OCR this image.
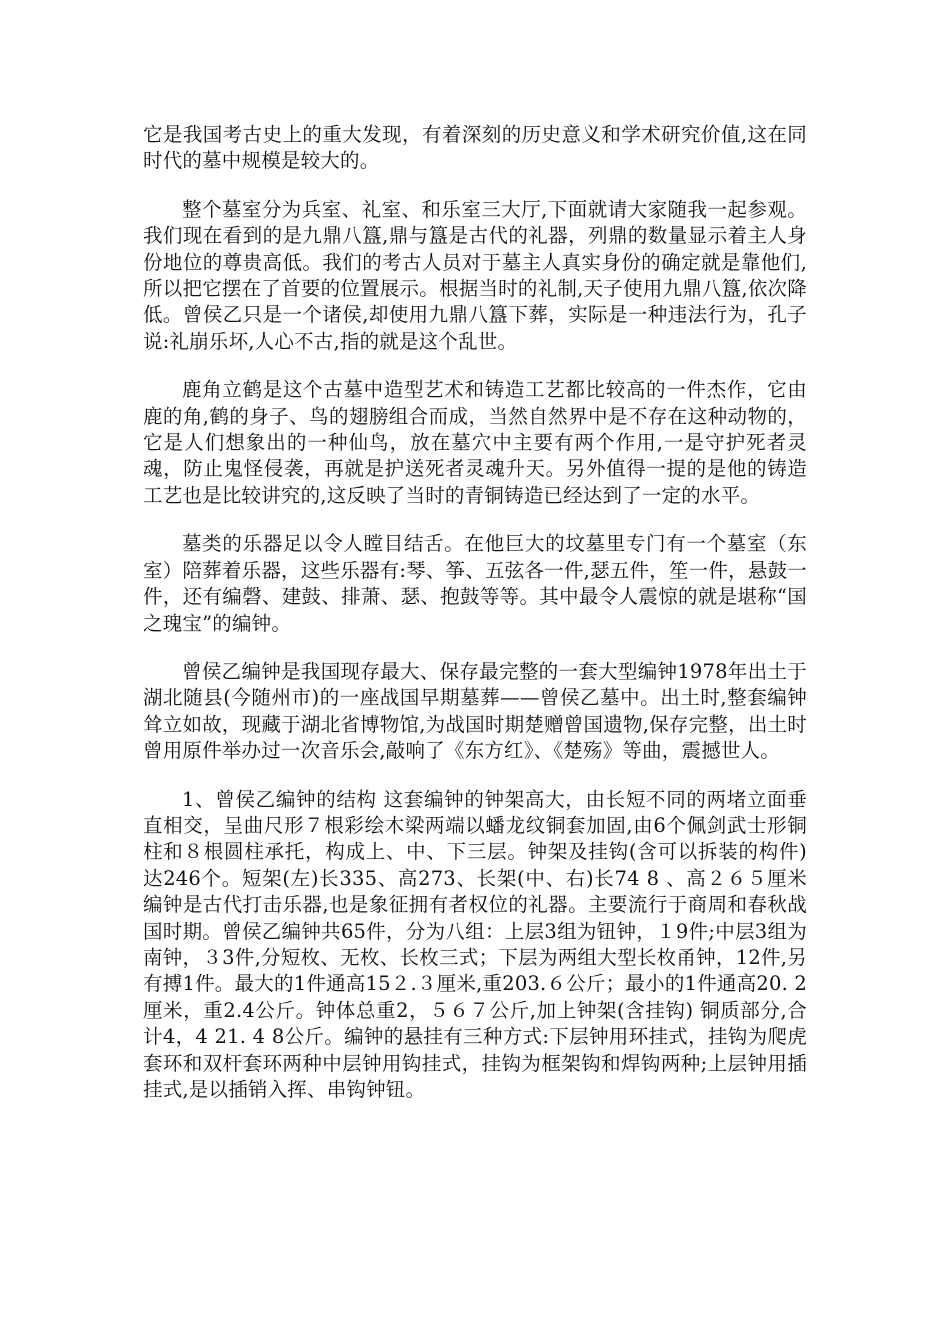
它是我国考古史上的重大发现，有着深刻的历史意义和学术研究价值,这在同时代的墓中规模是较大的。

整个墓室分为兵室、礼室、和乐室三大厅,下面就请大家随我一起参观。我们现在看到的是九鼎八簋,鼎与簋是古代的礼器，列鼎的数量显示着主人身份地位的尊贵高低。我们的考古人员对于墓主人真实身份的确定就是靠他们,所以把它摆在了首要的位置展示。根据当时的礼制,天子使用九鼎八簋,依次降低。曾侯乙只是一个诸侯,却使用九鼎八簋下葬，实际是一种违法行为，孔子说:礼崩乐坏,人心不古,指的就是这个乱世。

鹿角立鹤是这个古墓中造型艺术和铸造工艺都比较高的一件杰作，它由鹿的角,鹤的身子、鸟的翅膀组合而成，当然自然界中是不存在这种动物的，它是人们想象出的一种仙鸟，放在墓穴中主要有两个作用,一是守护死者灵魂，防止鬼怪侵袭，再就是护送死者灵魂升天。另外值得一提的是他的铸造工艺也是比较讲究的,这反映了当时的青铜铸造已经达到了一定的水平。

墓类的乐器足以令人瞠目结舌。在他巨大的坟墓里专门有一个墓室（东室）陪葬着乐器，这些乐器有:琴、筝、五弦各一件,瑟五件，笙一件，悬鼓一件，还有编磬、建鼓、排萧、瑟、抱鼓等等。其中最令人震惊的就是堪称“国之瑰宝”的编钟。

曾侯乙编钟是我国现存最大、保存最完整的一套大型编钟1978年出土于湖北随县(今随州市)的一座战国早期墓葬——曾侯乙墓中。出土时,整套编钟耸立如故，现藏于湖北省博物馆,为战国时期楚赠曾国遗物,保存完整，出土时曾用原件举办过一次音乐会,敲响了《东方红》、《楚殇》等曲，震撼世人。

1、曾侯乙编钟的结构 这套编钟的钟架高大，由长短不同的两堵立面垂直相交，呈曲尺形７根彩绘木梁两端以蟠龙纹铜套加固,由6个佩剑武士形铜柱和８根圆柱承托，构成上、中、下三层。钟架及挂钩(含可以拆装的构件)达246个。短架(左)长335、高273、长架(中、右)长74 8 、高２６５厘米编钟是古代打击乐器,也是象征拥有者权位的礼器。主要流行于商周和春秋战国时期。曾侯乙编钟共65件，分为八组：上层3组为钮钟，１9件;中层3组为南钟，３3件,分短枚、无枚、长枚三式；下层为两组大型长枚甬钟，12件,另有搏1件。最大的1件通高15２.３厘米,重203.６公斤；最小的1件通高20. 2厘米，重2.4公斤。钟体总重2，５６７公斤,加上钟架(含挂钩) 铜质部分,合计4，4 21. 4 8公斤。编钟的悬挂有三种方式:下层钟用环挂式，挂钩为爬虎套环和双杆套环两种中层钟用钩挂式，挂钩为框架钩和焊钩两种;上层钟用插挂式,是以插销入挥、串钩钟钮。
